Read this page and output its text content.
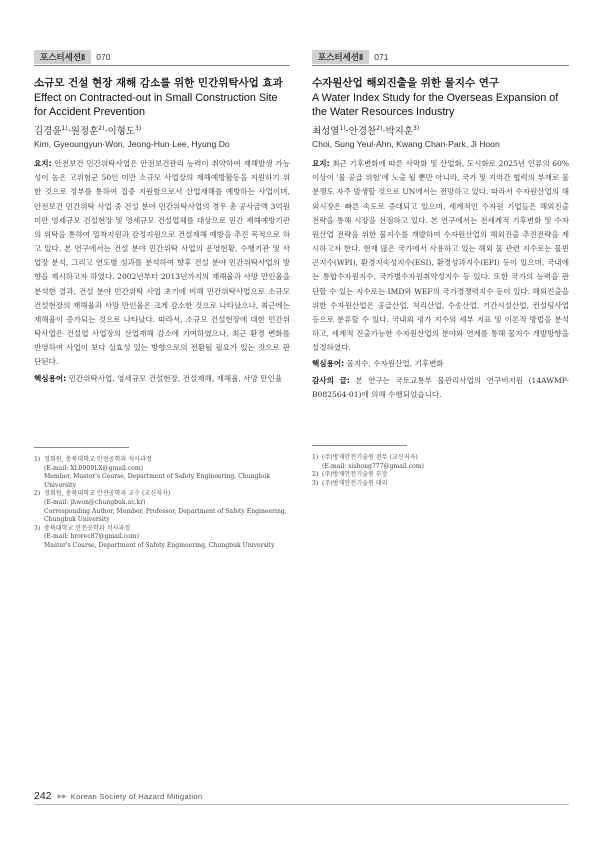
포스터세션Ⅱ	070
소규모 건설 현장 재해 감소를 위한 민간위탁사업 효과
Effect on Contracted-out in Small Construction Site for Accident Prevention
김경윤$^{1)}$·원정훈$^{2)}$·이형도$^{3)}$
Kim, Gyeoungyun·Won, Jeong-Hun·Lee, Hyung Do
요지: 안전보건 민간위탁사업은 안전보건관리 능력이 취약하여 재해발생 가능성이 높은 고위험군 50인 미만 소규모 사업장의 재해예방활동을 지원하기 위한 것으로 정부를 통하여 집중 지원함으로서 산업재해를 예방하는 사업이며, 안전보건 민간위탁 사업 중 건설 분야 민간위탁사업의 경우 총 공사금액 3억원 미만 영세규모 건설현장 및 영세규모 건설업체를 대상으로 민간 재해예방기관의 위탁을 통하여 밀착지원과 감정지원으로 건설재해 예방을 추진 목적으로 하고 있다. 본 연구에서는 건설 분야 민간위탁 사업의 운영현황, 수행기관 및 사업장 분석, 그리고 연도별 성과를 분석하여 향후 건설 분야 민간위탁사업의 방향을 제시하고자 하였다. 2002년부터 2013년까지의 재해율과 사망 만인율을 분석한 결과, 건설 분야 민간위탁 사업 초기에 비해 민간위탁사업으로 소규모 건설현장의 재해율과 사망 만인율은 크게 감소한 것으로 나타났으나, 최근에는 재해율이 증가되는 것으로 나타났다. 따라서, 소규모 건설현장에 대한 민간위탁사업은 건설업 사업장의 산업재해 감소에 기여하였으나, 최근 환경 변화를 반영하여 사업이 보다 실효성 있는 방향으로의 전환될 필요가 있는 것으로 판단된다.
핵심용어: 민간위탁사업, 영세규모 건설현장, 건설재해, 재해율, 사망 만인율
1) 정회원, 충북대학교 안전공학과 석사과정
(E-mail: XL0909LX@gmail.com)
Member, Master's Course, Department of Safety Engineering, Chungbuk University
2) 정회원, 충북대학교 안전공학과 교수 (교신저자)
(E-mail: jhwon@chungbuk.ac.kr)
Corresponding Author, Member, Professor, Department of Safety Engineering, Chungbuk University
3) 충북대학교 안전공학과 석사과정
(E-mail: hrorec87@gmail.com)
Master's Course, Department of Safety Engineering, Chungbuk University
포스터세션Ⅱ	071
수자원산업 해외진출을 위한 물지수 연구
A Water Index Study for the Overseas Expansion of the Water Resources Industry
최성열$^{1)}$·안경찬$^{2)}$·박지훈$^{3)}$
Choi, Sung Yeul·Ahn, Kwang Chan·Park, Ji Hoon
요지: 최근 기후변화에 따른 사막화 및 산업화, 도시화로 2025년 인류의 60% 이상이 '물 공급 위험'에 노출 될 뿐만 아니라, 국가 및 지역간 협력의 부재로 물 분쟁도 자주 발생할 것으로 UN에서는 전망하고 있다. 따라서 수자원산업의 해외시장은 빠른 속도로 증대되고 있으며, 세계적인 수자원 기업들은 해외진출 전략을 통해 시장을 선점하고 있다. 본 연구에서는 전세계적 기후변화 및 수자원산업 전략을 위한 물지수를 개발하여 수자원산업의 해외진출 추진전략을 제시하고자 한다. 현재 많은 국가에서 사용하고 있는 해외 물 관련 지수로는 물빈곤지수(WPI), 환경지속성지수(ESI), 환경성과지수(EPI) 등이 있으며, 국내에는 통합수자원지수, 국가별수자원취약성지수 등 있다. 또한 국가의 능력을 판단할 수 있는 지수로는 IMD와 WEF의 국가경쟁력지수 등이 있다. 해외진출을 위한 수자원산업은 공급산업, 처리산업, 수송산업, 기간시설산업, 컨설팅사업 등으로 분류할 수 있다. 국내외 평가 지수의 세부 지표 및 이론적 방법을 분석하고, 세계적 진출가능한 수자원산업의 분야와 연계를 통해 물지수 개발방향을 설정하였다.
핵심용어: 물지수, 수자원산업, 기후변화
감사의 글: 본 연구는 국토교통부 물관리사업의 연구비지원 (14AWMP-B082564-01)에 의해 수행되었습니다.
1) (주)방재안전기술원 전무 (교신저자)
(E-mail: sisbong777@gmail.com)
2) (주)방재안전기술원 부장
3) (주)방재안전기술원 대리
242 ▶▶ Korean Society of Hazard Mitigation
